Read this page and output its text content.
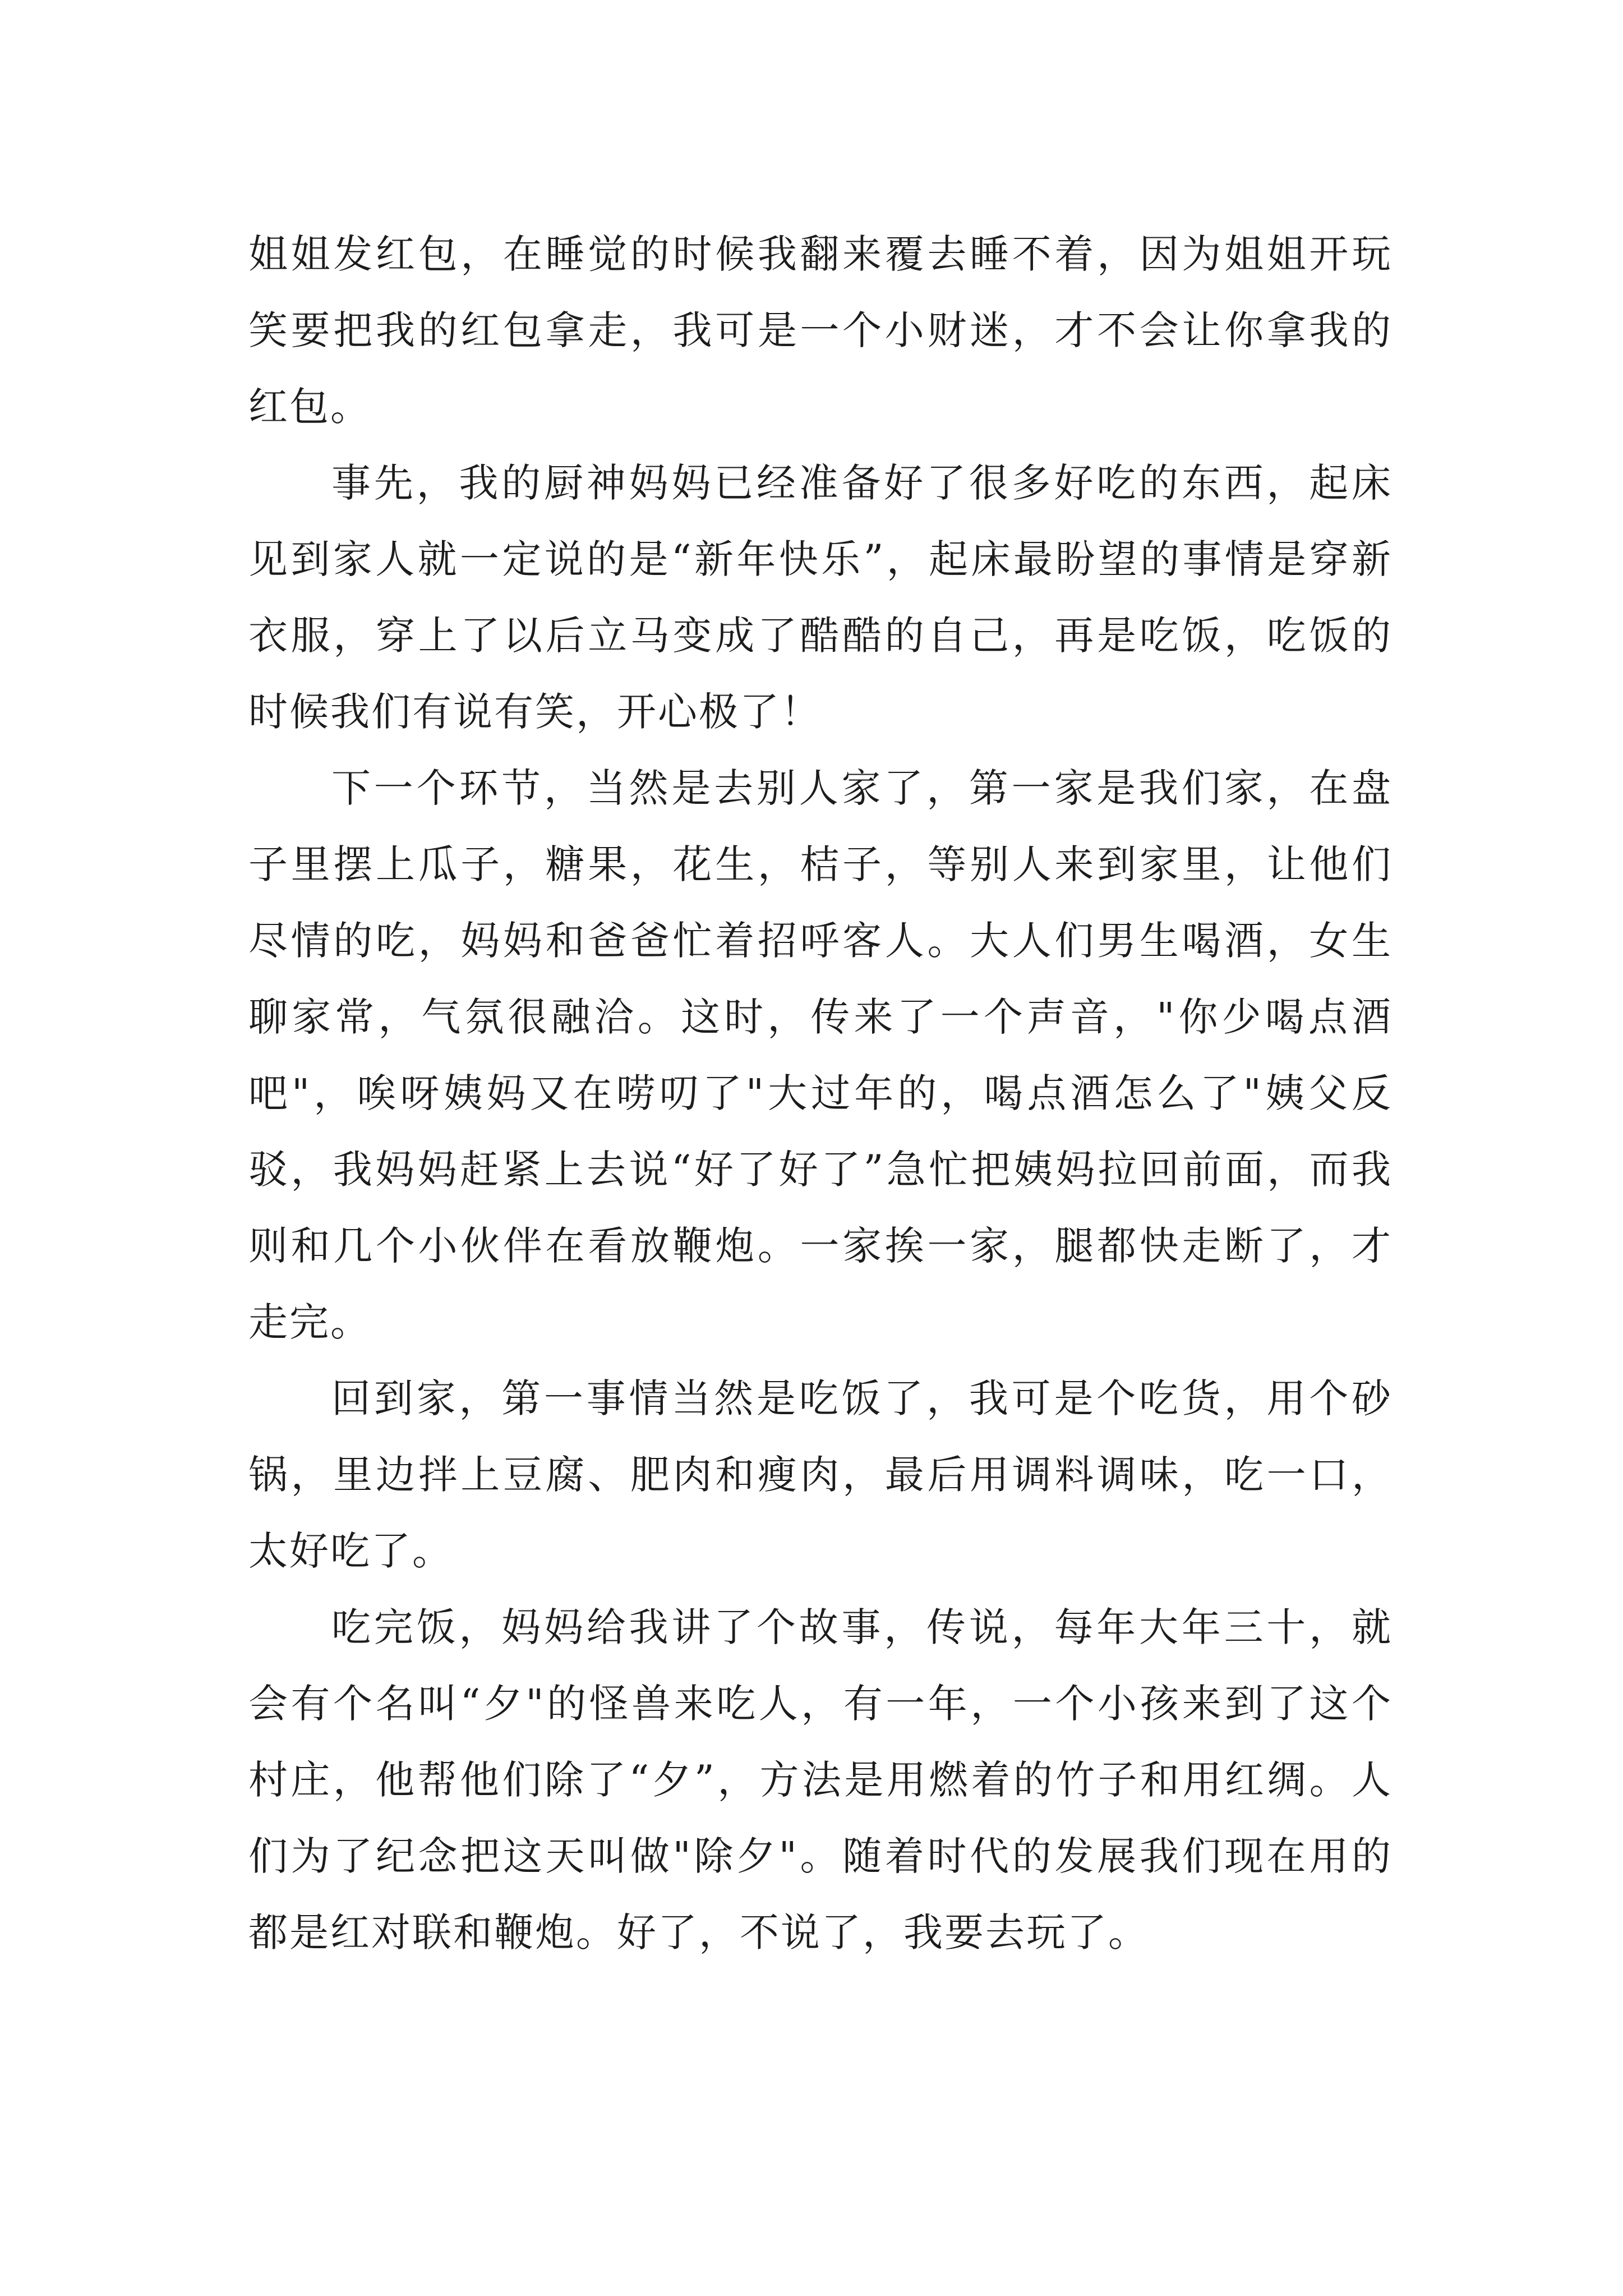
姐姐发红包，在睡觉的时候我翻来覆去睡不着，因为姐姐开玩笑要把我的红包拿走，我可是一个小财迷，才不会让你拿我的红包。

事先，我的厨神妈妈已经准备好了很多好吃的东西，起床见到家人就一定说的是“新年快乐”，起床最盼望的事情是穿新衣服，穿上了以后立马变成了酷酷的自己，再是吃饭，吃饭的时候我们有说有笑，开心极了！

下一个环节，当然是去别人家了，第一家是我们家，在盘子里摆上瓜子，糖果，花生，桔子，等别人来到家里，让他们尽情的吃，妈妈和爸爸忙着招呼客人。大人们男生喝酒，女生聊家常，气氛很融洽。这时，传来了一个声音，"你少喝点酒吧"，唉呀姨妈又在唠叨了"大过年的，喝点酒怎么了"姨父反驳，我妈妈赶紧上去说“好了好了”急忙把姨妈拉回前面，而我则和几个小伙伴在看放鞭炮。一家挨一家，腿都快走断了，才走完。

回到家，第一事情当然是吃饭了，我可是个吃货，用个砂锅，里边拌上豆腐、肥肉和瘦肉，最后用调料调味，吃一口，太好吃了。

吃完饭，妈妈给我讲了个故事，传说，每年大年三十，就会有个名叫“夕"的怪兽来吃人，有一年，一个小孩来到了这个村庄，他帮他们除了“夕”，方法是用燃着的竹子和用红绸。人们为了纪念把这天叫做"除夕"。随着时代的发展我们现在用的都是红对联和鞭炮。好了，不说了，我要去玩了。
